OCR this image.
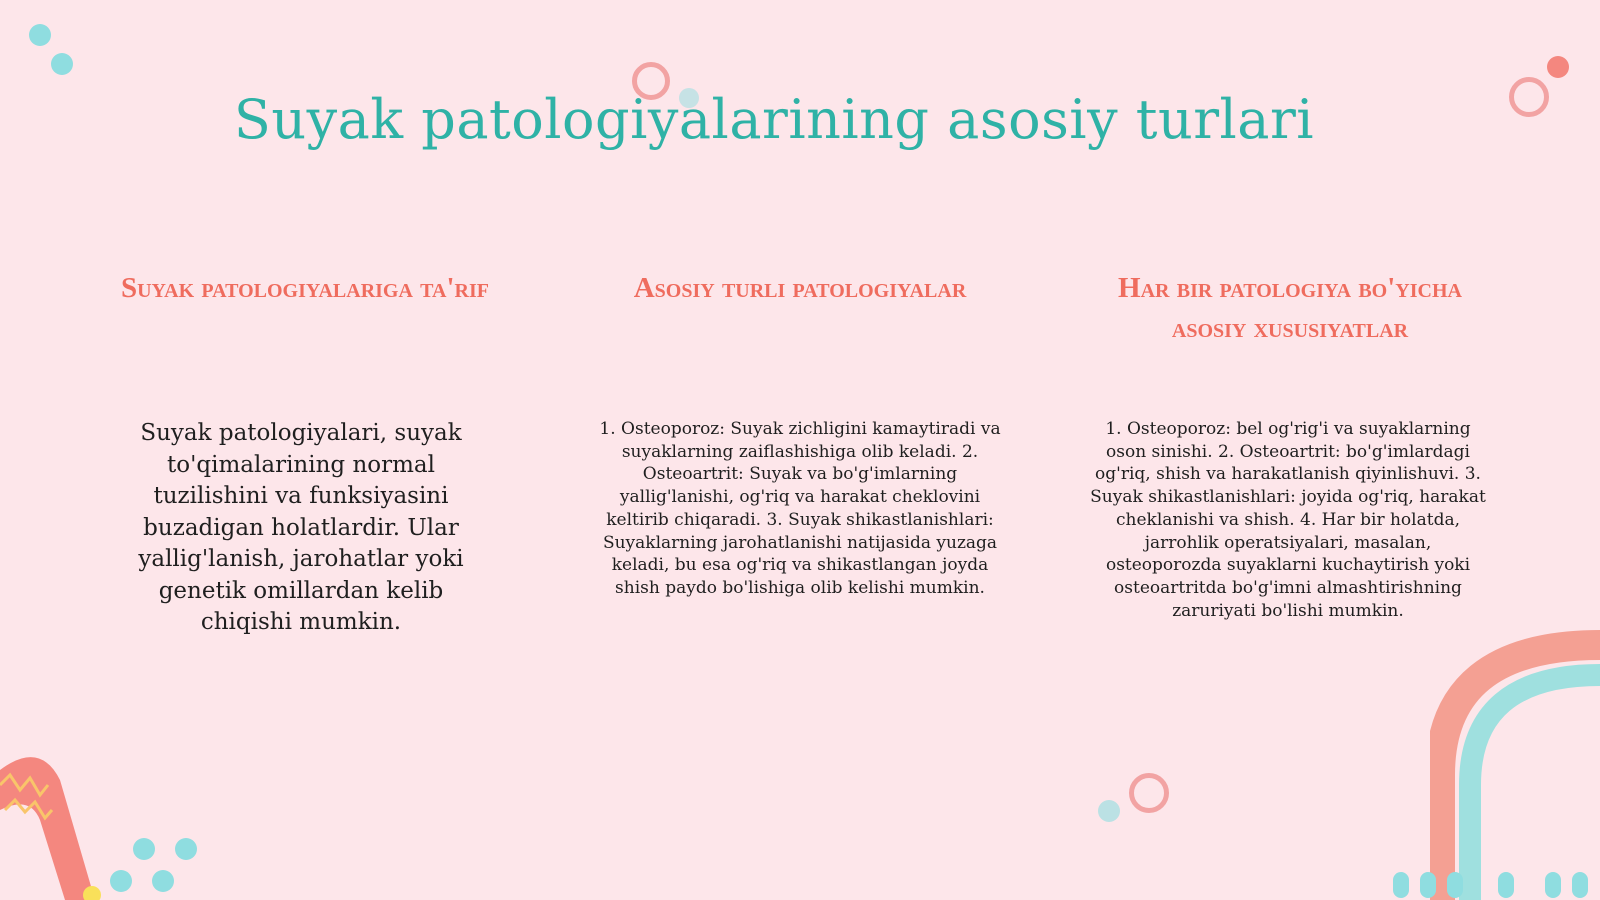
Suyak patologiyalarining asosiy turlari
Suyak patologiyalariga ta'rif
Suyak patologiyalari, suyak to'qimalarining normal tuzilishini va funksiyasini buzadigan holatlardir. Ular yallig'lanish, jarohatlar yoki genetik omillardan kelib chiqishi mumkin.
Asosiy turli patologiyalar
1. Osteoporoz: Suyak zichligini kamaytiradi va suyaklarning zaiflashishiga olib keladi. 2. Osteoartrit: Suyak va bo'g'imlarning yallig'lanishi, og'riq va harakat cheklovini keltirib chiqaradi. 3. Suyak shikastlanishlari: Suyaklarning jarohatlanishi natijasida yuzaga keladi, bu esa og'riq va shikastlangan joyda shish paydo bo'lishiga olib kelishi mumkin.
Har bir patologiya bo'yicha asosiy xususiyatlar
1. Osteoporoz: bel og'rig'i va suyaklarning oson sinishi. 2. Osteoartrit: bo'g'imlardagi og'riq, shish va harakatlanish qiyinlishuvi. 3. Suyak shikastlanishlari: joyida og'riq, harakat cheklanishi va shish. 4. Har bir holatda, jarrohlik operatsiyalari, masalan, osteoporozda suyaklarni kuchaytirish yoki osteoartritda bo'g'imni almashtirishning zaruriyati bo'lishi mumkin.
